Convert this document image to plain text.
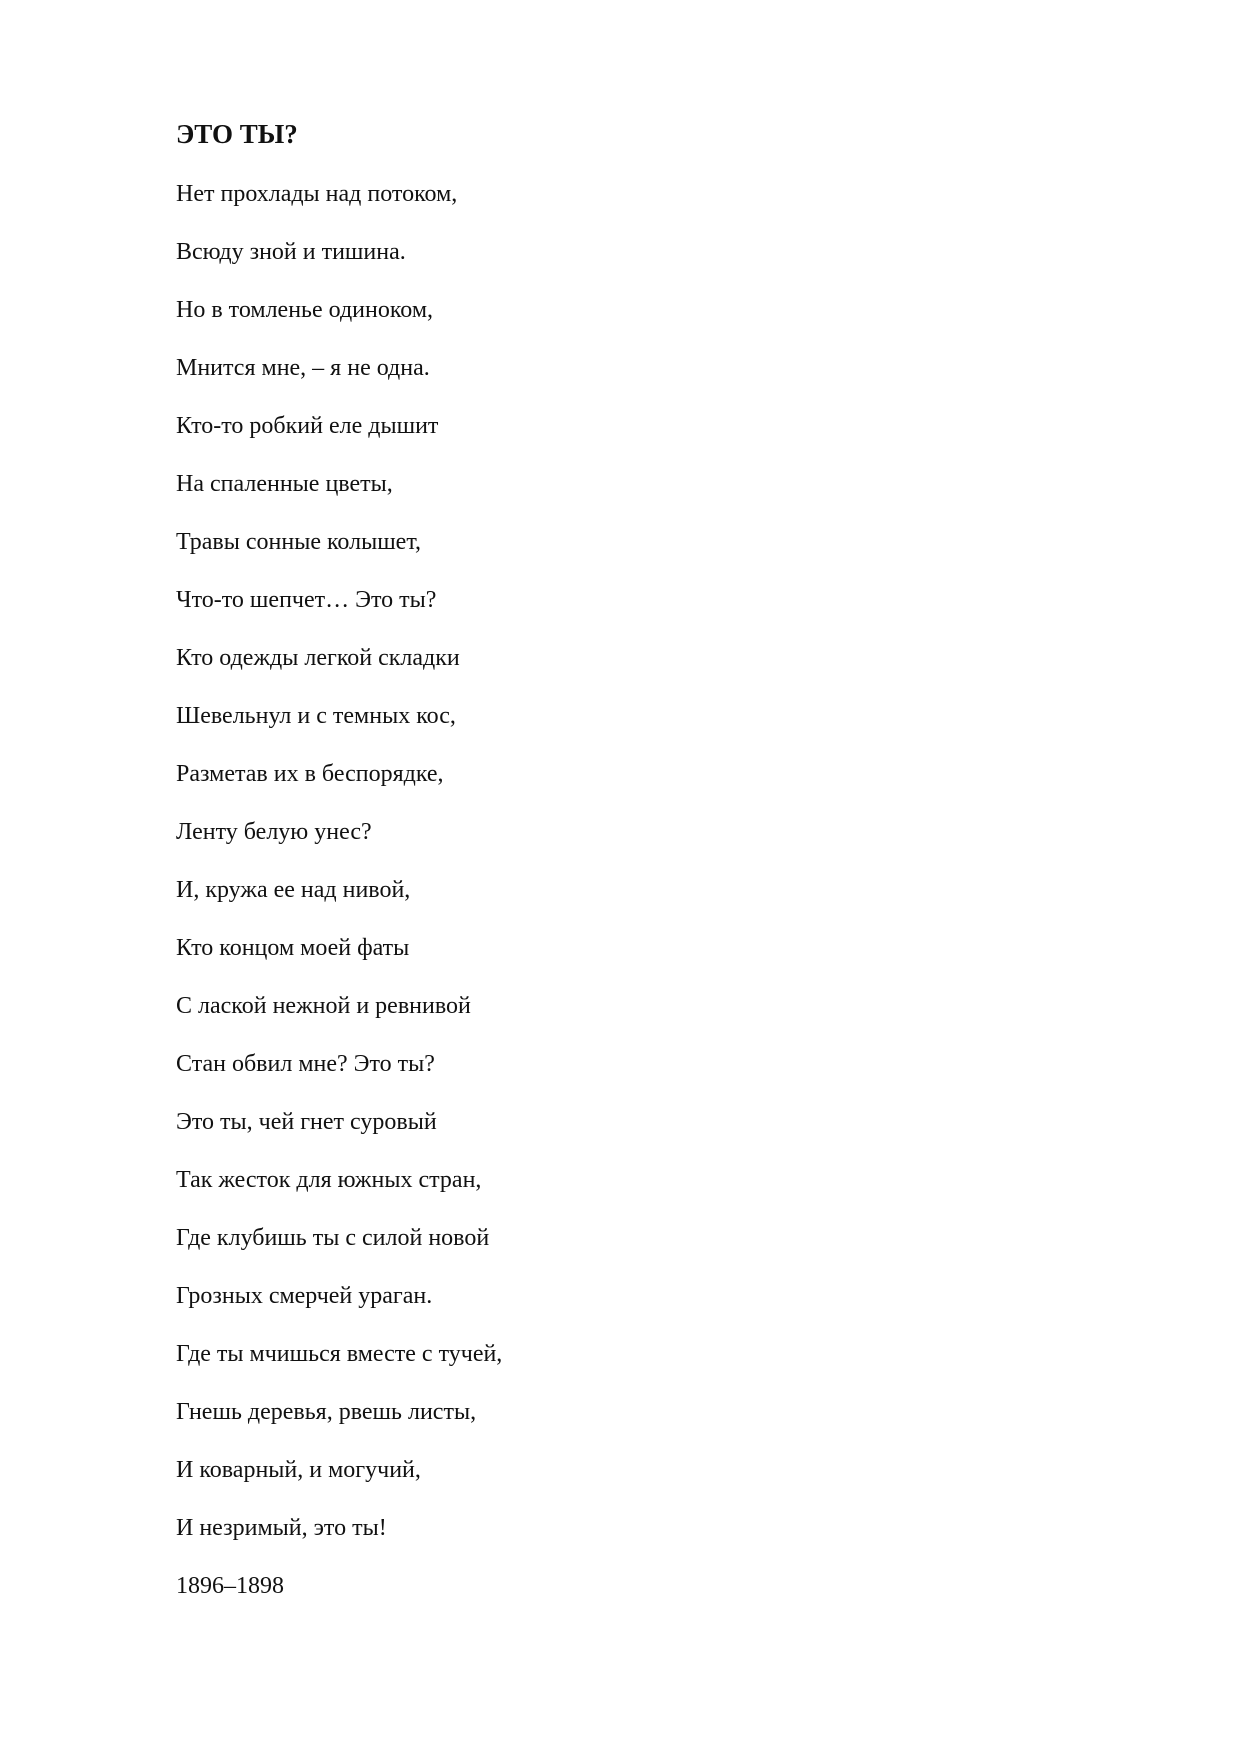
ЭТО ТЫ?
Нет прохлады над потоком,
Всюду зной и тишина.
Но в томленье одиноком,
Мнится мне, – я не одна.
Кто-то робкий еле дышит
На спаленные цветы,
Травы сонные колышет,
Что-то шепчет… Это ты?
Кто одежды легкой складки
Шевельнул и с темных кос,
Разметав их в беспорядке,
Ленту белую унес?
И, кружа ее над нивой,
Кто концом моей фаты
С лаской нежной и ревнивой
Стан обвил мне? Это ты?
Это ты, чей гнет суровый
Так жесток для южных стран,
Где клубишь ты с силой новой
Грозных смерчей ураган.
Где ты мчишься вместе с тучей,
Гнешь деревья, рвешь листы,
И коварный, и могучий,
И незримый, это ты!
1896–1898
